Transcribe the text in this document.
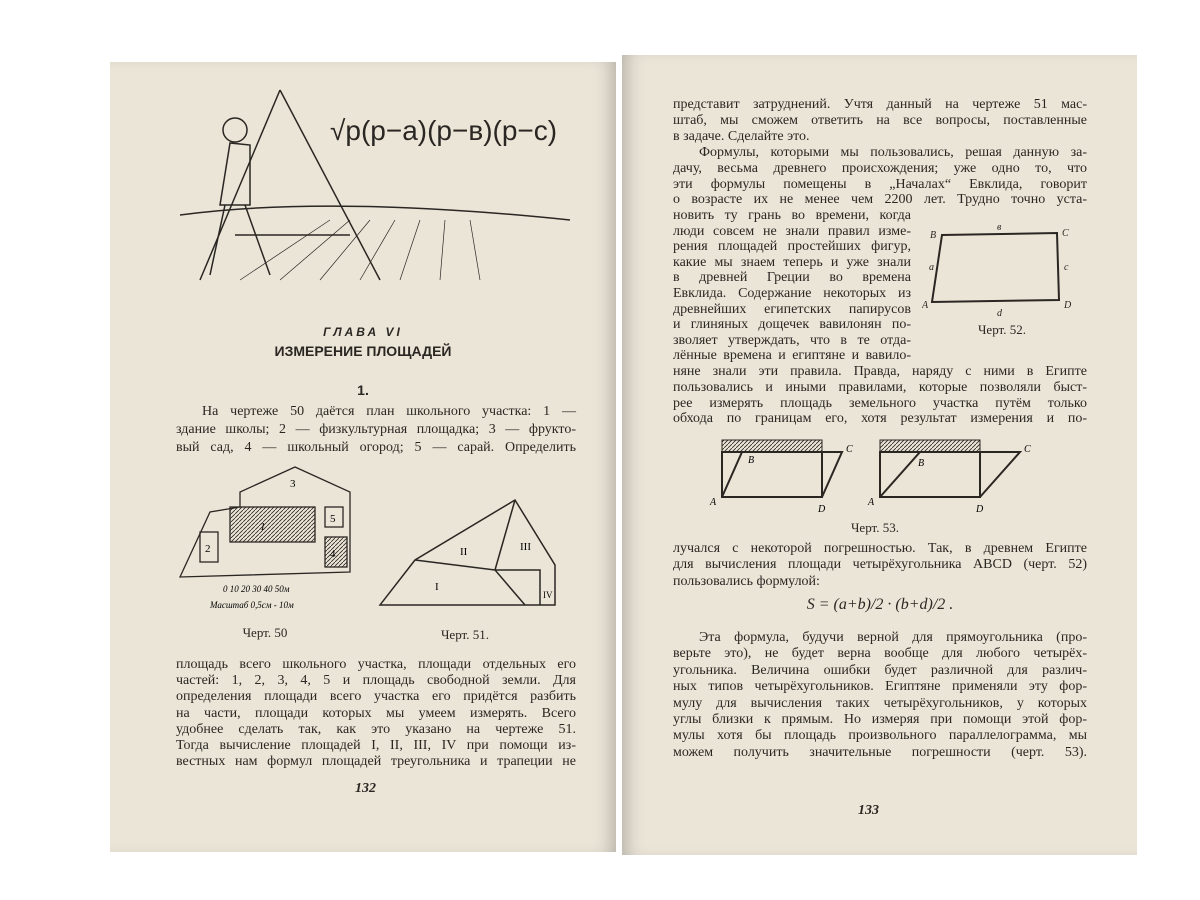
√p(p−a)(p−в)(p−c)
ГЛАВА VI
ИЗМЕРЕНИЕ ПЛОЩАДЕЙ
1.
1
2
3
4
5
0 10 20 30 40 50м
Масштаб 0,5см - 10м
Черт. 50
I
II	III
IV
Черт. 51.
132
B	C
A	D
a
в
c
d
Черт. 52.
A
B
C
D
A
B
C
D
Черт. 53.
S = (a+b)/2 · (b+d)/2 .
133
На чертеже 50 даётся план школьного участка: 1 —
здание школы; 2 — физкультурная площадка; 3 — фрукто-
вый сад, 4 — школьный огород; 5 — сарай. Определить
площадь всего школьного участка, площади отдельных его
частей: 1, 2, 3, 4, 5 и площадь свободной земли. Для
определения площади всего участка его придётся разбить
на части, площади которых мы умеем измерять. Всего
удобнее сделать так, как это указано на чертеже 51.
Тогда вычисление площадей I, II, III, IV при помощи из-
вестных нам формул площадей треугольника и трапеции не
представит затруднений. Учтя данный на чертеже 51 мас-
штаб, мы сможем ответить на все вопросы, поставленные
в задаче. Сделайте это.
Формулы, которыми мы пользовались, решая данную за-
дачу, весьма древнего происхождения; уже одно то, что
эти формулы помещены в „Началах“ Евклида, говорит
о возрасте их не менее чем 2200 лет. Трудно точно уста-
новить ту грань во времени, когда
люди совсем не знали правил изме-
рения площадей простейших фигур,
какие мы знаем теперь и уже знали
в древней Греции во времена
Евклида. Содержание некоторых из
древнейших египетских папирусов
и глиняных дощечек вавилонян по-
зволяет утверждать, что в те отда-
лённые времена и египтяне и вавило-
няне знали эти правила. Правда, наряду с ними в Египте
пользовались и иными правилами, которые позволяли быст-
рее измерять площадь земельного участка путём только
обхода по границам его, хотя результат измерения и по-
лучался с некоторой погрешностью. Так, в древнем Египте
для вычисления площади четырёхугольника ABCD (черт. 52)
пользовались формулой:
Эта формула, будучи верной для прямоугольника (про-
верьте это), не будет верна вообще для любого четырёх-
угольника. Величина ошибки будет различной для различ-
ных типов четырёхугольников. Египтяне применяли эту фор-
мулу для вычисления таких четырёхугольников, у которых
углы близки к прямым. Но измеряя при помощи этой фор-
мулы хотя бы площадь произвольного параллелограмма, мы
можем получить значительные погрешности (черт. 53).
